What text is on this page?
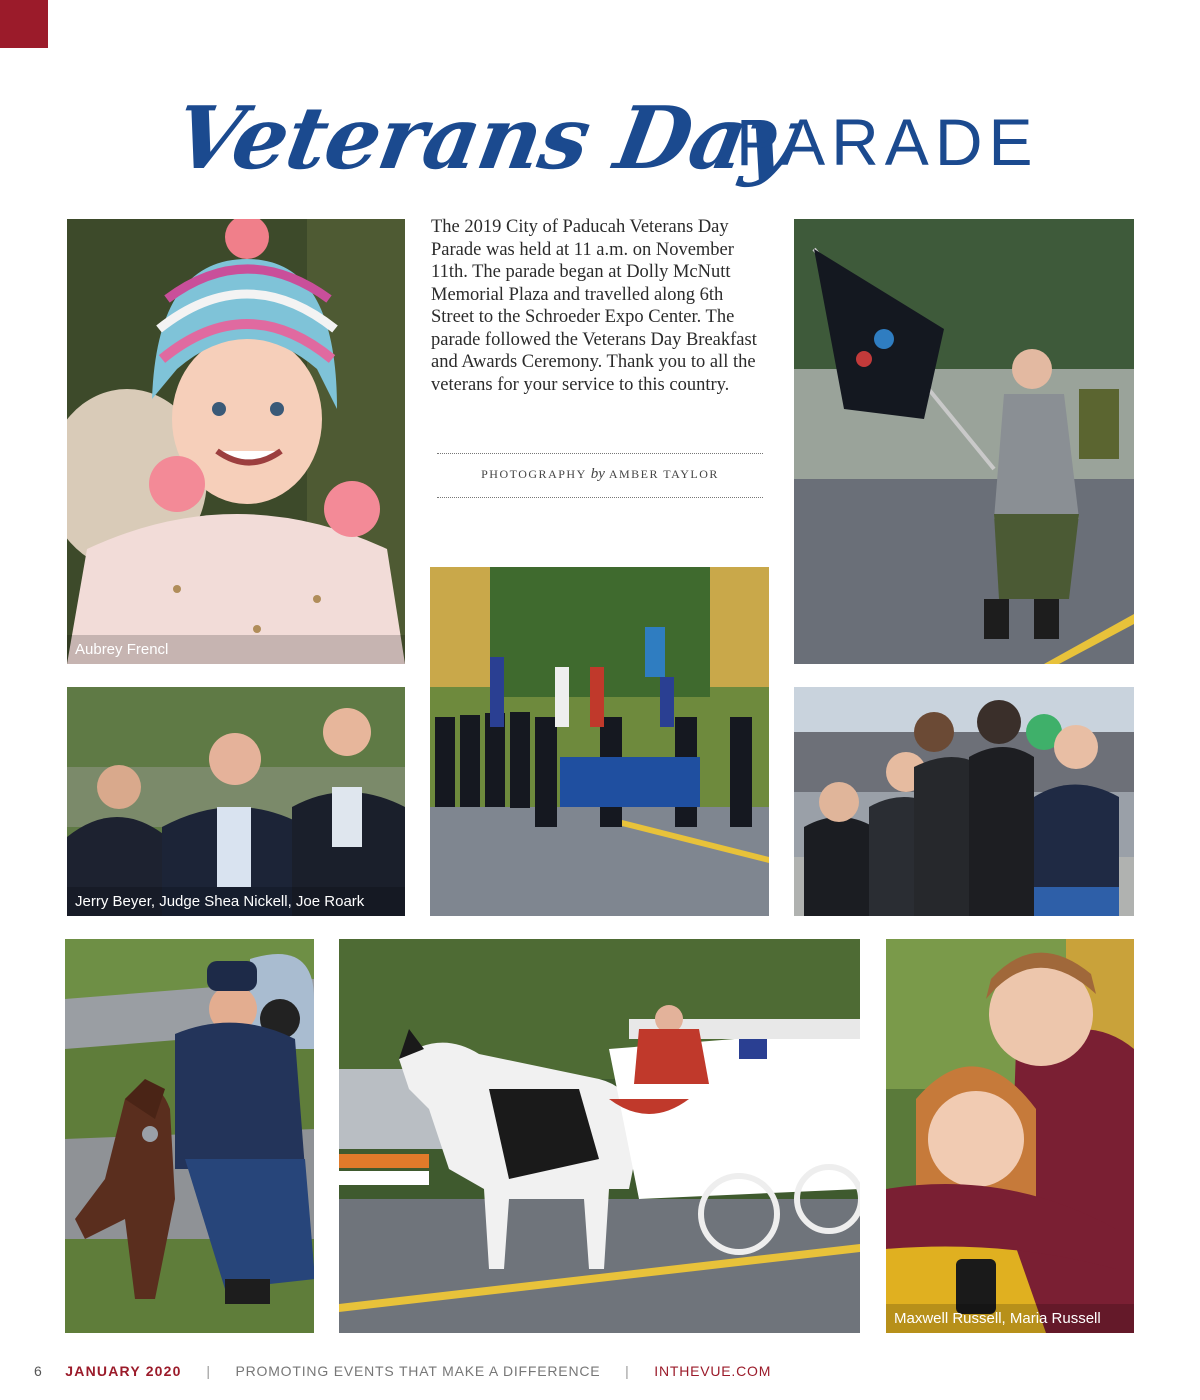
Veterans Day
PARADE
Aubrey Frencl
The 2019 City of Paducah Veterans Day Parade was held at 11 a.m. on November 11th. The parade began at Dolly McNutt Memorial Plaza and travelled along 6th Street to the Schroeder Expo Center. The parade followed the Veterans Day Breakfast and Awards Ceremony. Thank you to all the veterans for your service to this country.
PHOTOGRAPHY by AMBER TAYLOR
Jerry Beyer, Judge Shea Nickell, Joe Roark
Maxwell Russell, Maria Russell
6 JANUARY 2020 | PROMOTING EVENTS THAT MAKE A DIFFERENCE | INTHEVUE.COM
